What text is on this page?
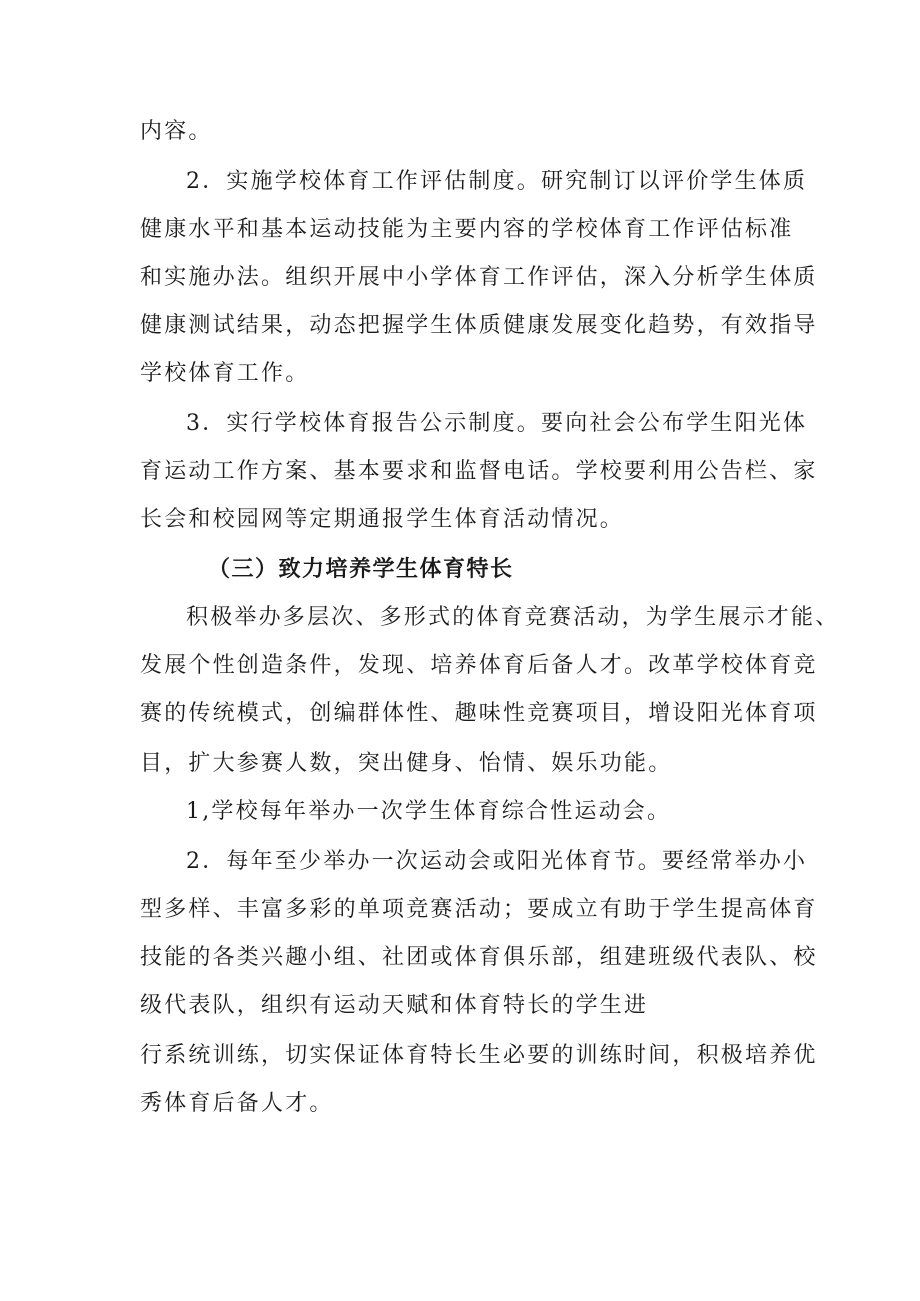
内容。
2．实施学校体育工作评估制度。研究制订以评价学生体质
健康水平和基本运动技能为主要内容的学校体育工作评估标准
和实施办法。组织开展中小学体育工作评估，深入分析学生体质
健康测试结果，动态把握学生体质健康发展变化趋势，有效指导
学校体育工作。
3．实行学校体育报告公示制度。要向社会公布学生阳光体
育运动工作方案、基本要求和监督电话。学校要利用公告栏、家
长会和校园网等定期通报学生体育活动情况。
（三）致力培养学生体育特长
积极举办多层次、多形式的体育竞赛活动，为学生展示才能、
发展个性创造条件，发现、培养体育后备人才。改革学校体育竞
赛的传统模式，创编群体性、趣味性竞赛项目，增设阳光体育项
目，扩大参赛人数，突出健身、怡情、娱乐功能。
1,学校每年举办一次学生体育综合性运动会。
2．每年至少举办一次运动会或阳光体育节。要经常举办小
型多样、丰富多彩的单项竞赛活动；要成立有助于学生提高体育
技能的各类兴趣小组、社团或体育俱乐部，组建班级代表队、校
级代表队，组织有运动天赋和体育特长的学生进
行系统训练，切实保证体育特长生必要的训练时间，积极培养优
秀体育后备人才。
